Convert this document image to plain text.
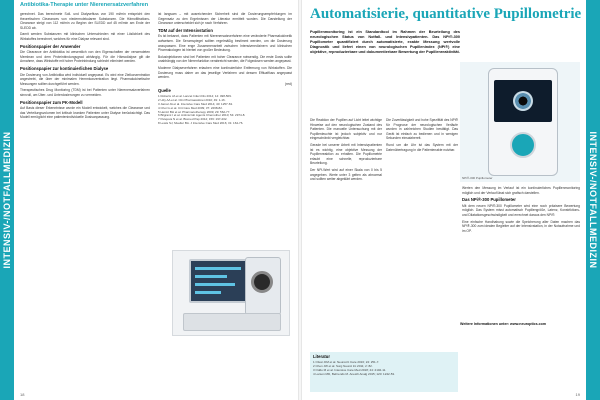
INTENSIV-/NOTFALLMEDIZIN
Antibiotika-Therapie unter Nierenersatzverfahren

gerechnet. Das berechnete Soll- und Dialysefluss von 190 ml/min entspricht den theoretischen Clearances von niedermolekularen Substanzen. Die Hämofiltrations-Clearance steigt von 112 ml/min zu Beginn der SLEDD auf 45 ml/min am Ende der SLEDD ab.

Damit werden Substanzen mit klinischen Unterschieden mit einer Löslichkeit des Wirkstoffes berechnet, welches für eine Dialyse relevant sind.

Positionspapier der Anwender

Die Clearance der Antibiotika ist wesentlich von den Eigenschaften der verwendeten Membran und dem Proteinbindungsgrad abhängig. Für die Hämodialyse gilt die Annahme, dass Wirkstoffe mit hoher Proteinbindung schlecht eliminiert werden.

Positionspapier zur kontinuierlichen Dialyse

Die Dosierung von Antibiotika wird individuell angepasst. Es wird eine Zielkonzentration angestrebt, die über der minimalen Hemmkonzentration liegt. Pharmakokinetische Messungen sollten durchgeführt werden.

Therapeutisches Drug Monitoring (TDM) ist bei Patienten unter Nierenersatzverfahren sinnvoll, um Über- und Unterdosierungen zu vermeiden.

Positionspapier zum PK-Modell

Auf Basis dieser Erkenntnisse wurde ein Modell entwickelt, welches die Clearance und das Verteilungsvolumen bei kritisch kranken Patienten unter Dialyse berücksichtigt. Das Modell ermöglicht eine patientenindividuelle Dosisanpassung.

ist langsam – mit ausreichender Sicherheit sind die Dosierungsempfehlungen im Gegensatz zu den Ergebnissen der Literatur ermittelt worden. Die Darstellung der Clearance unterscheidet sich je nach Verfahren.

TDM auf der Intensivstation

Es ist bekannt, dass Patienten mit Nierenersatzverfahren eine veränderte Pharmakokinetik aufweisen. Die Serumspiegel sollten regelmäßig bestimmt werden, um die Dosierung anzupassen. Eine enge Zusammenarbeit zwischen Intensivmedizinern und klinischen Pharmakologen ist hierbei von großer Bedeutung.

Bolusinjektionen sind bei Patienten mit hoher Clearance notwendig. Die erste Dosis sollte unabhängig von der Nierenfunktion verabreicht werden, die Folgedosen werden angepasst.

Moderne Dialyseverfahren erlauben eine kontinuierliche Entfernung von Wirkstoffen. Die Dosierung muss daher an das jeweilige Verfahren und dessen Effluatfluss angepasst werden.

(red)

Quelle
1 Roberts JA et al. Lancet Infect Dis 2014; 14: 498-509.
2 Udy AA et al. Clin Pharmacokinet 2010; 49: 1-16.
3 Jamal JA et al. Intensive Care Med 2014; 40: 1257-63.
4 Choi G et al. Crit Care Med 2009; 37: 2268-82.
5 Heintz BH et al. Pharmacotherapy 2009; 29: 562-77.
6 Bilgrami I et al. Antimicrob Agents Chemother 2010; 54: 2974-8.
7 Petejova N et al. Biomed Pap 2012; 156: 197-202.
8 Lewis SJ, Mueller BA. J Intensive Care Med 2016; 31: 164-76.
18
Automatisierie, quantitative Pupillometrie
Pupillenmonitoring ist ein Standardtool im Rahmen der Beurteilung des neurologischen Status von Notfall- und Intensivpatienten. Das NPi®-300 Pupillometer quantifiziert durch automatisierte, exakte Messung wertvolle Diagnostik und liefert einen von neurologischen Pupillenindex (NPi®) eine objektive, reproduzierbare und dokumentierbare Bewertung der Pupillenreaktivität.

Die Reaktion der Pupillen auf Licht leitet wichtige Hinweise auf den neurologischen Zustand des Patienten. Die manuelle Untersuchung mit der Pupillenleuchte ist jedoch subjektiv und nur eingeschränkt vergleichbar.

Gerade bei unserer Arbeit mit Intensivpatienten ist es wichtig, eine objektive Messung der Pupillenreaktion zu erhalten. Die Pupillometrie erlaubt eine schnelle, reproduzierbare Beurteilung.

Der NPi-Wert wird auf einer Skala von 0 bis 5 angegeben. Werte unter 3 gelten als abnormal und sollten weiter abgeklärt werden.

Die Zuverlässigkeit und hohe Spezifität des NPi® für Prognose der neurologischen Verläufe wurden in zahlreichen Studien bestätigt. Das Gerät ist einfach zu bedienen und in wenigen Sekunden einsatzbereit.

Rund um die Uhr ist das System mit der Datenübertragung in die Patientenakte nutzbar.

NPi®-300 Pupillometer

Werten den Messung im Verlauf ist ein kontinuierliches Pupillenmonitoring möglich und der Verlauf lässt sich grafisch darstellen.

Das NPi®-300 Pupillometer

Mit dem neuen NPi®-300 Pupillometer wird eine noch präzisere Bewertung möglich. Das System misst automatisch Pupillengröße, Latenz, Konstriktions- und Dilatationsgeschwindigkeit und errechnet daraus den NPi®.

Eine einfache Handhabung sowie die Speicherung aller Daten machen das NPi®-300 zum idealen Begleiter auf der Intensivstation, in der Notaufnahme und im OP.

Weitere Informationen unter: www.neuroptics.com
Literatur
1 Olson DM et al. Neurocrit Care 2016; 24: 251-7.
2 Chen JW et al. Surg Neurol Int 2011; 2: 82.
3 Oddo M et al. Intensive Care Med 2018; 44: 2102-11.
4 Larson MD, Behrends M. Anesth Analg 2015; 120: 1242-53.
19
INTENSIV-/NOTFALLMEDIZIN
